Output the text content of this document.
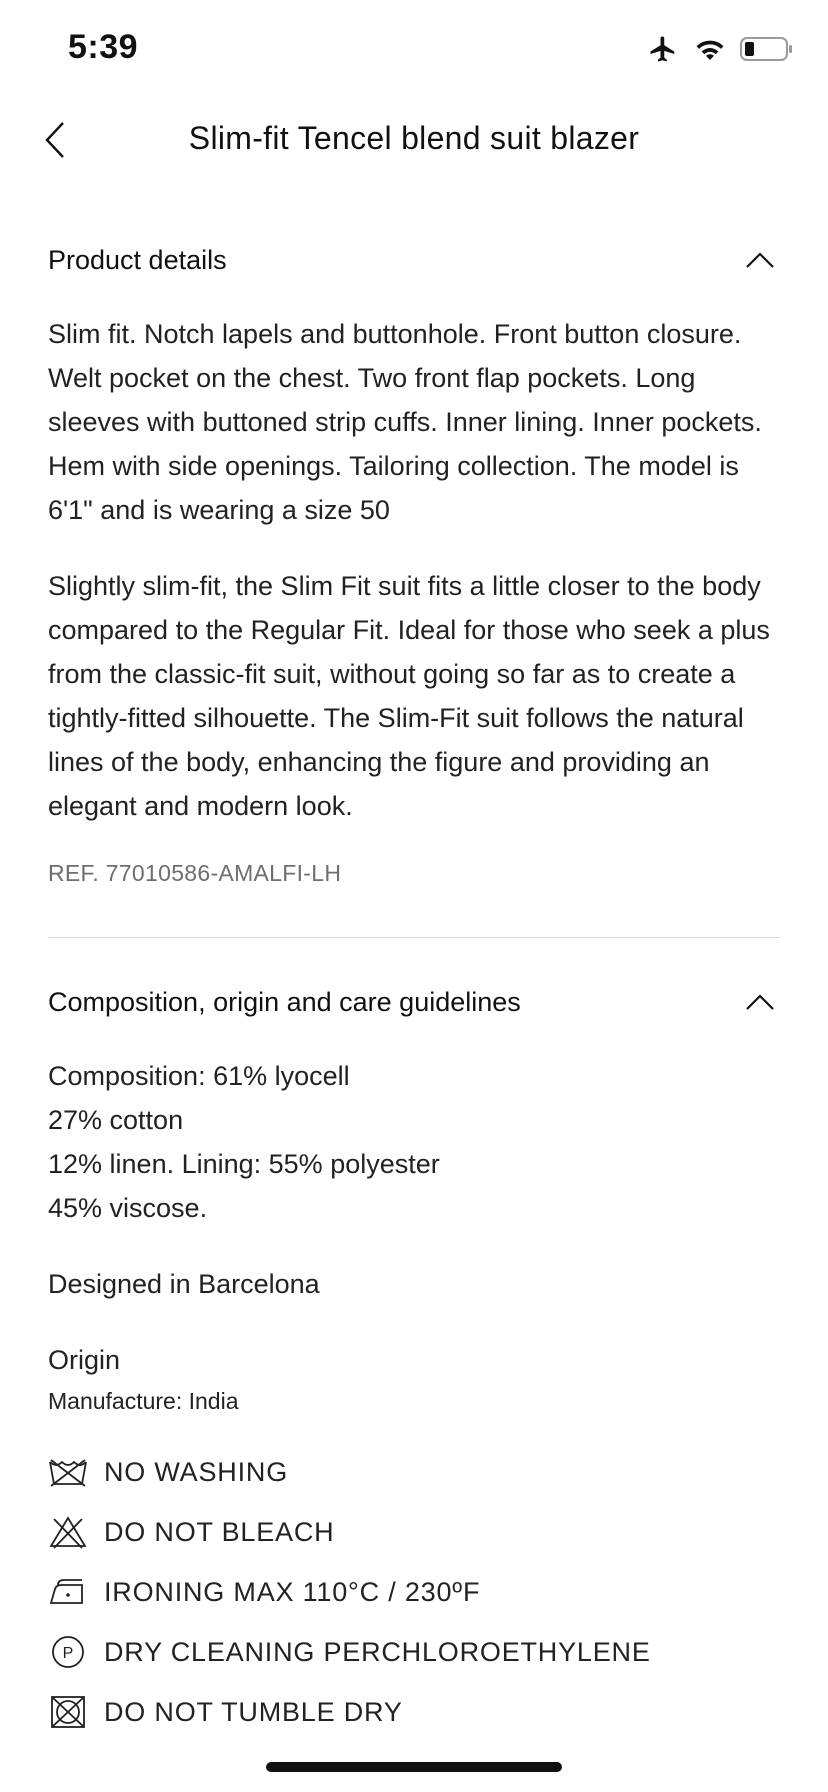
5:39
Slim-fit Tencel blend suit blazer
Product details

Slim fit. Notch lapels and buttonhole. Front button closure. Welt pocket on the chest. Two front flap pockets. Long sleeves with buttoned strip cuffs. Inner lining. Inner pockets. Hem with side openings. Tailoring collection. The model is 6'1" and is wearing a size 50

Slightly slim-fit, the Slim Fit suit fits a little closer to the body compared to the Regular Fit. Ideal for those who seek a plus from the classic-fit suit, without going so far as to create a tightly-fitted silhouette. The Slim-Fit suit follows the natural lines of the body, enhancing the figure and providing an elegant and modern look.

REF. 77010586-AMALFI-LH
Composition, origin and care guidelines
Composition: 61% lyocell
27% cotton
12% linen. Lining: 55% polyester
45% viscose.
Designed in Barcelona
Origin
Manufacture: India
NO WASHING
DO NOT BLEACH
IRONING MAX 110°C / 230ºF
P DRY CLEANING PERCHLOROETHYLENE
DO NOT TUMBLE DRY
